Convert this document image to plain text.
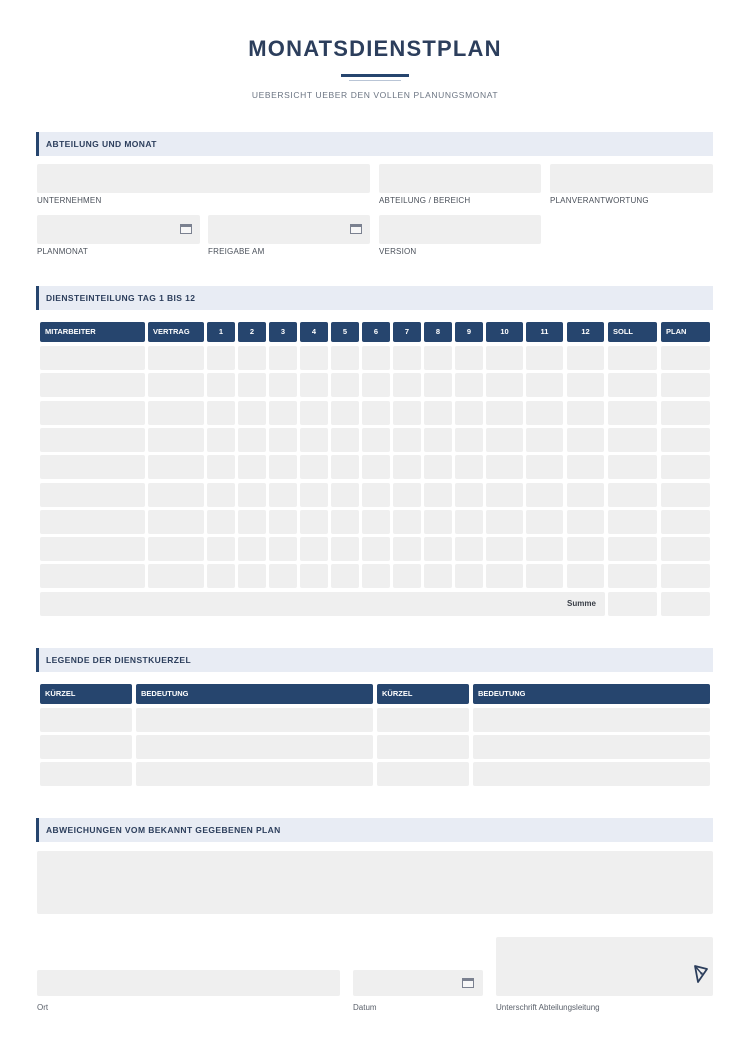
MONATSDIENSTPLAN
UEBERSICHT UEBER DEN VOLLEN PLANUNGSMONAT
ABTEILUNG UND MONAT
UNTERNEHMEN	ABTEILUNG / BEREICH	PLANVERANTWORTUNG
PLANMONAT	FREIGABE AM	VERSION
DIENSTEINTEILUNG TAG 1 BIS 12
MITARBEITER	VERTRAG	1	2	3	4	5	6	7	8	9	10	11	12	SOLL	PLAN
Summe
LEGENDE DER DIENSTKUERZEL
KÜRZEL	BEDEUTUNG	KÜRZEL	BEDEUTUNG
ABWEICHUNGEN VOM BEKANNT GEGEBENEN PLAN
Ort	Datum	Unterschrift Abteilungsleitung
